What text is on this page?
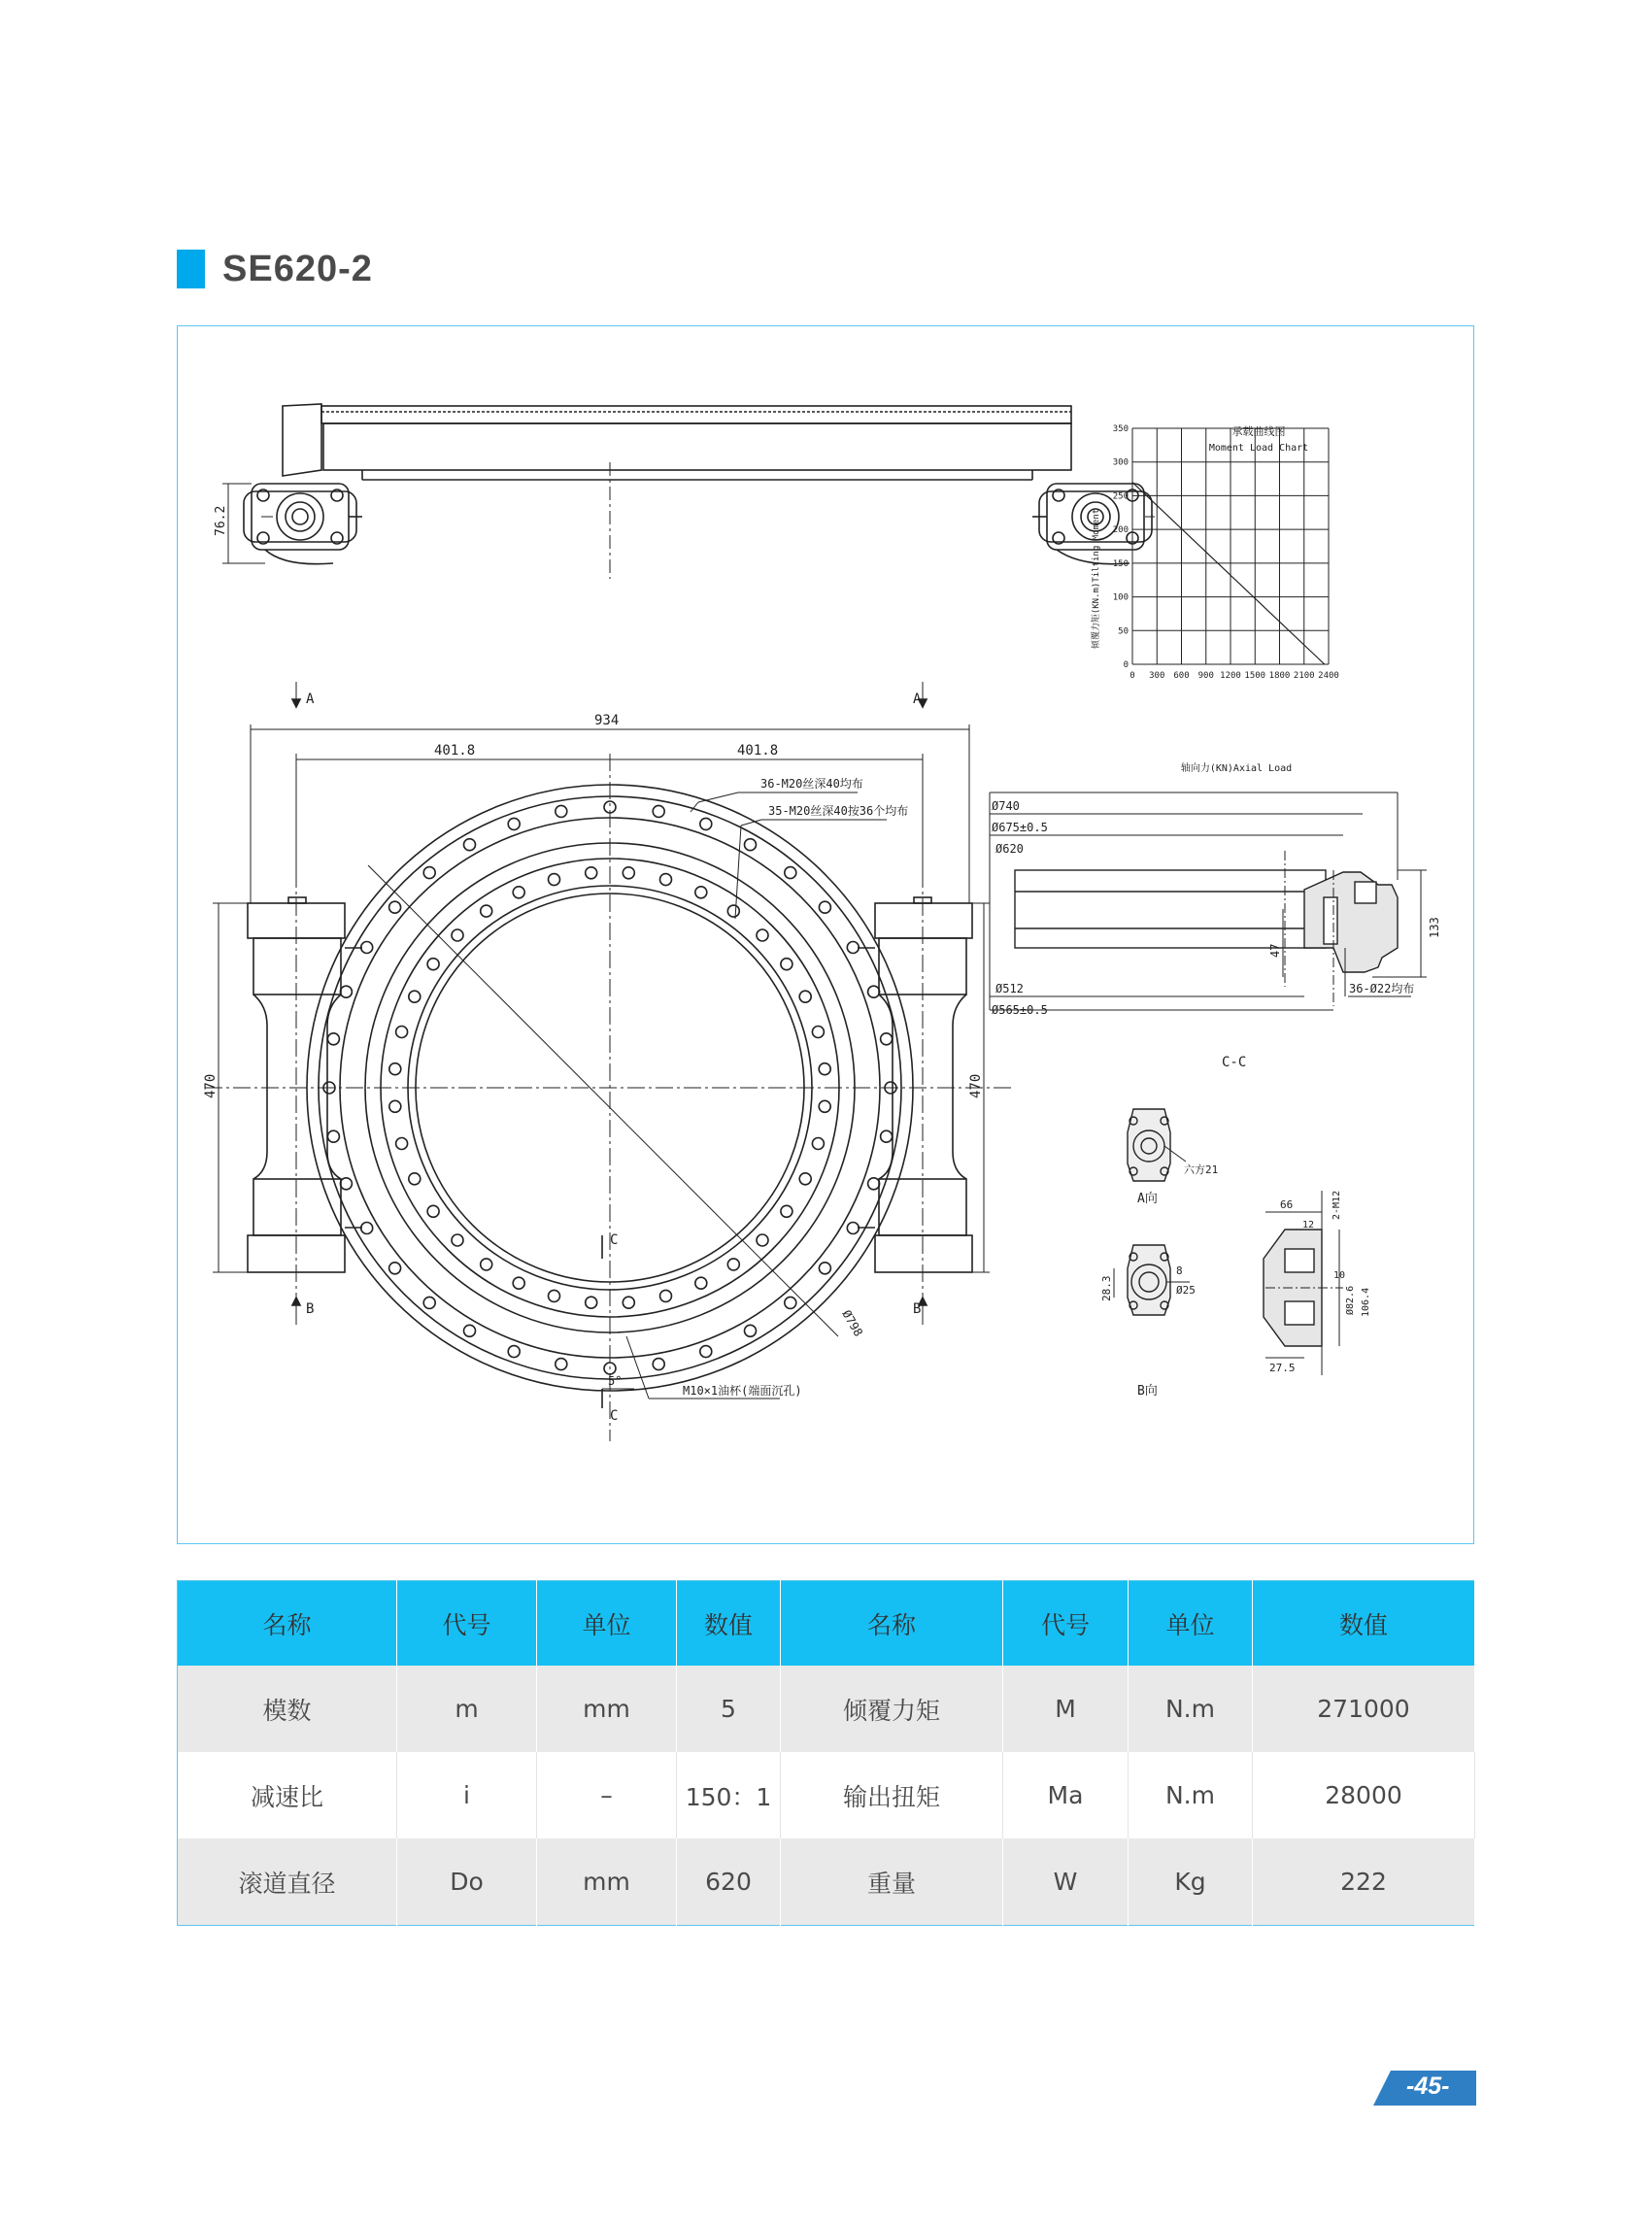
SE620-2
934
401.8	401.8
A	A
B	B
36-M20丝深40均布
35-M20丝深40按36个均布
C
C
5°
M10×1油杯(端面沉孔)
Ø798
470	470
76.2
承载曲线图
Moment Load Chart
0 300 600 900 1200 1500 1800 2100 2400
0
50
100
150
200
250
300
350
轴向力(KN)Axial Load
倾覆力矩(KN.m)Tilting Moment
Ø740
Ø675±0.5
Ø620
Ø512
Ø565±0.5
36-Ø22均布
C-C
133
47
六方21
A向
8
Ø25
28.3
B向
66
12
10
27.5
2-M12
Ø82.6 106.4
名称	代号	单位	数值	名称	代号	单位	数值
模数	m	mm	5	倾覆力矩	M	N.m	271000
减速比	i	–	150：1	输出扭矩	Ma	N.m	28000
滚道直径	Do	mm	620	重量	W	Kg	222
-45-
